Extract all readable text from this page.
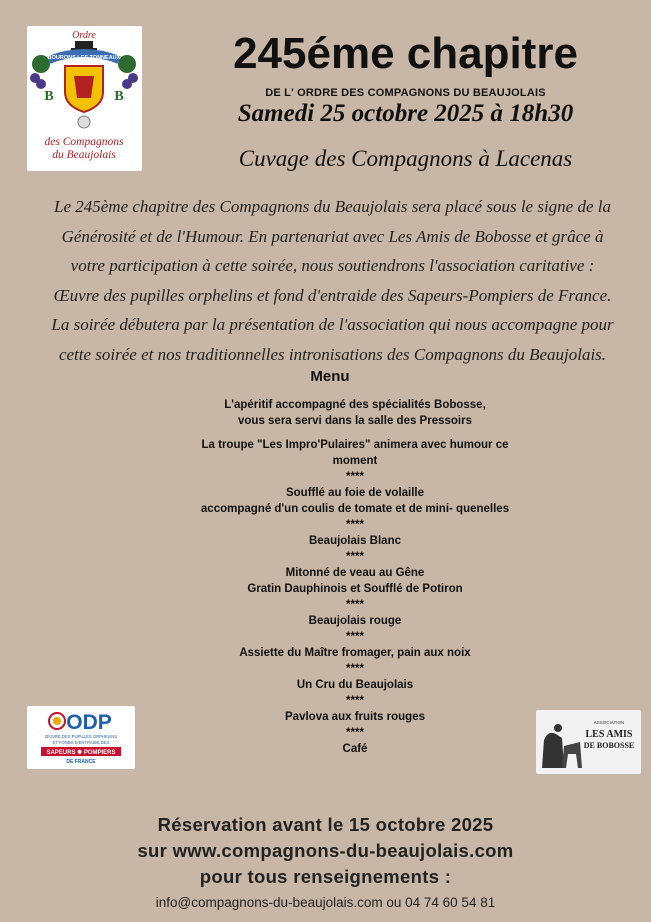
Ordre
BOURONS LES TONNEAUX
B	B
des Compagnons
du Beaujolais
245éme chapitre
DE L' ORDRE DES COMPAGNONS DU BEAUJOLAIS
Samedi 25 octobre 2025 à 18h30
Cuvage des Compagnons à Lacenas
Le 245ème chapitre des Compagnons du Beaujolais sera placé sous le signe de la
Générosité et de l'Humour. En partenariat avec Les Amis de Bobosse et grâce à
votre participation à cette soirée, nous soutiendrons l'association caritative :
Œuvre des pupilles orphelins et fond d'entraide des Sapeurs-Pompiers de France.
La soirée débutera par la présentation de l'association qui nous accompagne pour
cette soirée et nos traditionnelles intronisations des Compagnons du Beaujolais.
Menu
L'apéritif accompagné des spécialités Bobosse,
vous sera servi dans la salle des Pressoirs
La troupe "Les Impro'Pulaires" animera avec humour ce
moment
****
Soufflé au foie de volaille
accompagné d'un coulis de tomate et de mini- quenelles
****
Beaujolais Blanc
****
Mitonné de veau au Gêne
Gratin Dauphinois et Soufflé de Potiron
****
Beaujolais rouge
****
Assiette du Maître fromager, pain aux noix
****
Un Cru du Beaujolais
****
Pavlova aux fruits rouges
****
Café
ODP
ŒUVRE DES PUPILLES ORPHELINS
ET FONDS D'ENTRAIDE DES
SAPEURS ✹ POMPIERS
DE FRANCE
ASSOCIATION
LES AMIS
DE BOBOSSE
Réservation avant le 15 octobre 2025
sur www.compagnons-du-beaujolais.com
pour tous renseignements :
info@compagnons-du-beaujolais.com ou 04 74 60 54 81
